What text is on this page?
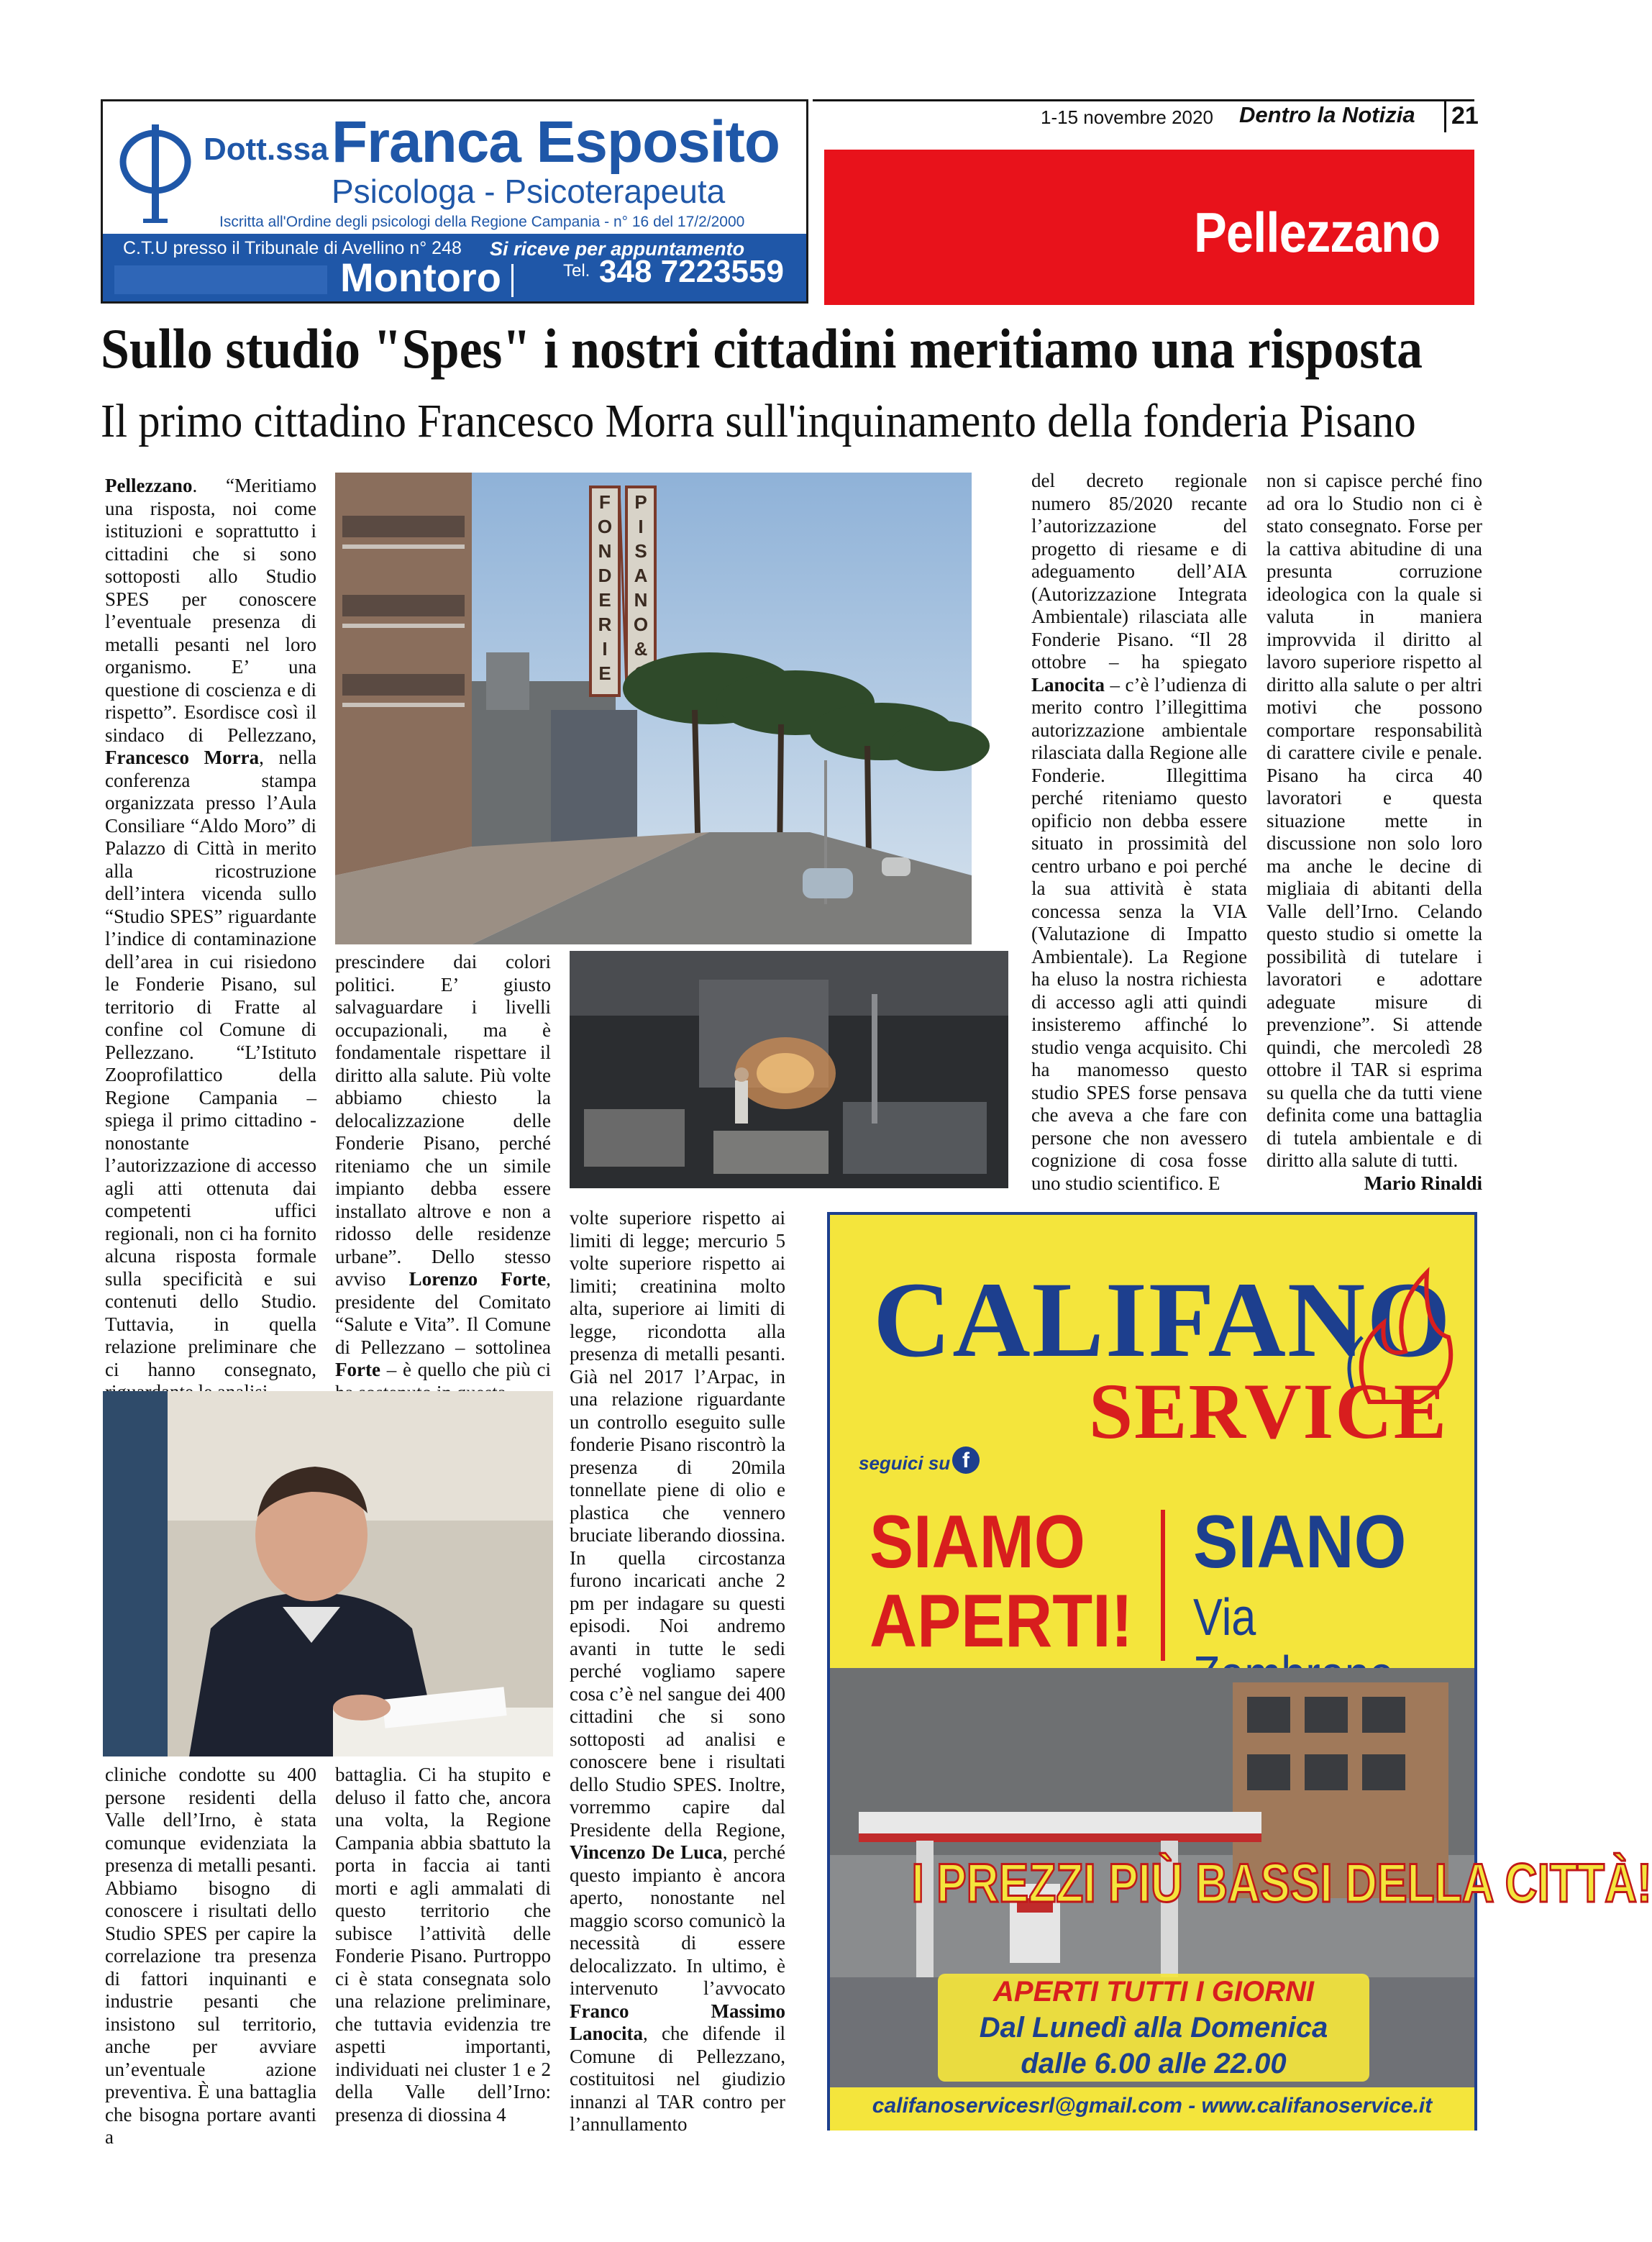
Dott.ssa Franca Esposito
Psicologa - Psicoterapeuta
Iscritta all'Ordine degli psicologi della Regione Campania - n° 16 del 17/2/2000
C.T.U presso il Tribunale di Avellino n° 248 Si riceve per appuntamento
Montoro	Tel. 348 7223559
1-15 novembre 2020 Dentro la Notizia 21
Pellezzano
Sullo studio "Spes" i nostri cittadini meritiamo una risposta
Il primo cittadino Francesco Morra sull'inquinamento della fonderia Pisano

Pellezzano. “Meritiamo una risposta, noi come istituzioni e soprattutto i cittadini che si sono sottoposti allo Studio SPES per conoscere l’eventuale presenza di metalli pesanti nel loro organismo. E’ una questione di coscienza e di rispetto”. Esordisce così il sindaco di Pellezzano, Francesco Morra, nella conferenza stampa organizzata presso l’Aula Consiliare “Aldo Moro” di Palazzo di Città in merito alla ricostruzione dell’intera vicenda sullo “Studio SPES” riguardante l’indice di contaminazione dell’area in cui risiedono le Fonderie Pisano, sul territorio di Fratte al confine col Comune di Pellezzano. “L’Istituto Zooprofilattico della Regione Campania – spiega il primo cittadino - nonostante l’autorizzazione di accesso agli atti ottenuta dai competenti uffici regionali, non ci ha fornito alcuna risposta formale sulla specificità e sui contenuti dello Studio. Tuttavia, in quella relazione preliminare che ci hanno consegnato,

F
O
N
D
E
R
I
E
P
I
S
A
N
O
&

prescindere dai colori politici. E’ giusto salvaguardare i livelli occupazionali, ma è fondamentale rispettare il diritto alla salute. Più volte abbiamo chiesto la delocalizzazione delle Fonderie Pisano, perché riteniamo che un simile impianto debba essere installato altrove e non a ridosso delle residenze urbane”. Dello stesso avviso Lorenzo Forte, presidente del Comitato “Salute e Vita”. Il Comune di Pellezzano – sottolinea Forte – è quello che più ci

del decreto regionale numero 85/2020 recante l’autorizzazione del progetto di riesame e di adeguamento dell’AIA (Autorizzazione Integrata Ambientale) rilasciata alle Fonderie Pisano. “Il 28 ottobre – ha spiegato Lanocita – c’è l’udienza di merito contro l’illegittima autorizzazione ambientale rilasciata dalla Regione alle Fonderie. Illegittima perché riteniamo questo opificio non debba essere situato in prossimità del centro urbano e poi perché la sua attività è stata concessa senza la VIA (Valutazione di Impatto Ambientale). La Regione ha eluso la nostra richiesta di accesso agli atti quindi insisteremo affinché lo studio venga acquisito. Chi ha manomesso questo studio SPES forse pensava che aveva a che fare con persone che non avessero cognizione di cosa fosse uno studio scientifico. E

non si capisce perché fino ad ora lo Studio non ci è stato consegnato. Forse per la cattiva abitudine di una presunta corruzione ideologica con la quale si valuta in maniera improvvida il diritto al lavoro superiore rispetto al diritto alla salute o per altri motivi che possono comportare responsabilità di carattere civile e penale. Pisano ha circa 40 lavoratori e questa situazione mette in discussione non solo loro ma anche le decine di migliaia di abitanti della Valle dell’Irno. Celando questo studio si omette la possibilità di tutelare i lavoratori e adottare adeguate misure di prevenzione”. Si attende quindi, che mercoledì 28 ottobre il TAR si esprima su quella che da tutti viene definita come una battaglia di tutela ambientale e di diritto alla salute di tutti.

Mario Rinaldi

volte superiore rispetto ai limiti di legge; mercurio 5 volte superiore rispetto ai limiti; creatinina molto alta, superiore ai limiti di legge, ricondotta alla presenza di metalli pesanti. Già nel 2017 l’Arpac, in una relazione riguardante un controllo eseguito sulle fonderie Pisano riscontrò la presenza di 20mila tonnellate piene di olio e plastica che vennero bruciate liberando diossina. In quella circostanza furono incaricati anche 2 pm per indagare su questi episodi. Noi andremo avanti in tutte le sedi perché vogliamo sapere cosa c’è nel sangue dei 400 cittadini che si sono sottoposti ad analisi e conoscere bene i risultati dello Studio SPES. Inoltre, vorremmo capire dal Presidente della Regione, Vincenzo De Luca, perché questo impianto è ancora aperto, nonostante nel maggio scorso comunicò la necessità di essere delocalizzato. In ultimo, è intervenuto l’avvocato Franco Massimo Lanocita, che difende il Comune di Pellezzano, costituitosi nel giudizio innanzi al TAR contro per l’annullamento

cliniche condotte su 400 persone residenti della Valle dell’Irno, è stata comunque evidenziata la presenza di metalli pesanti. Abbiamo bisogno di conoscere i risultati dello Studio SPES per capire la correlazione tra presenza di fattori inquinanti e industrie pesanti che insistono sul territorio, anche per avviare un’eventuale azione preventiva. È una battaglia che bisogna portare avanti a

battaglia. Ci ha stupito e deluso il fatto che, ancora una volta, la Regione Campania abbia sbattuto la porta in faccia ai tanti morti e agli ammalati di questo territorio che subisce l’attività delle Fonderie Pisano. Purtroppo ci è stata consegnata solo una relazione preliminare, che tuttavia evidenzia tre aspetti importanti, individuati nei cluster 1 e 2 della Valle dell’Irno: presenza di diossina 4

CALIFANO
SERVICE
seguici su f
SIAMO
APERTI!
SIANO
Via
I PREZZI PIÙ BASSI DELLA CITTÀ!
APERTI TUTTI I GIORNI
Dal Lunedì alla Domenica
dalle 6.00 alle 22.00
califanoservicesrl@gmail.com - www.califanoservice.it
